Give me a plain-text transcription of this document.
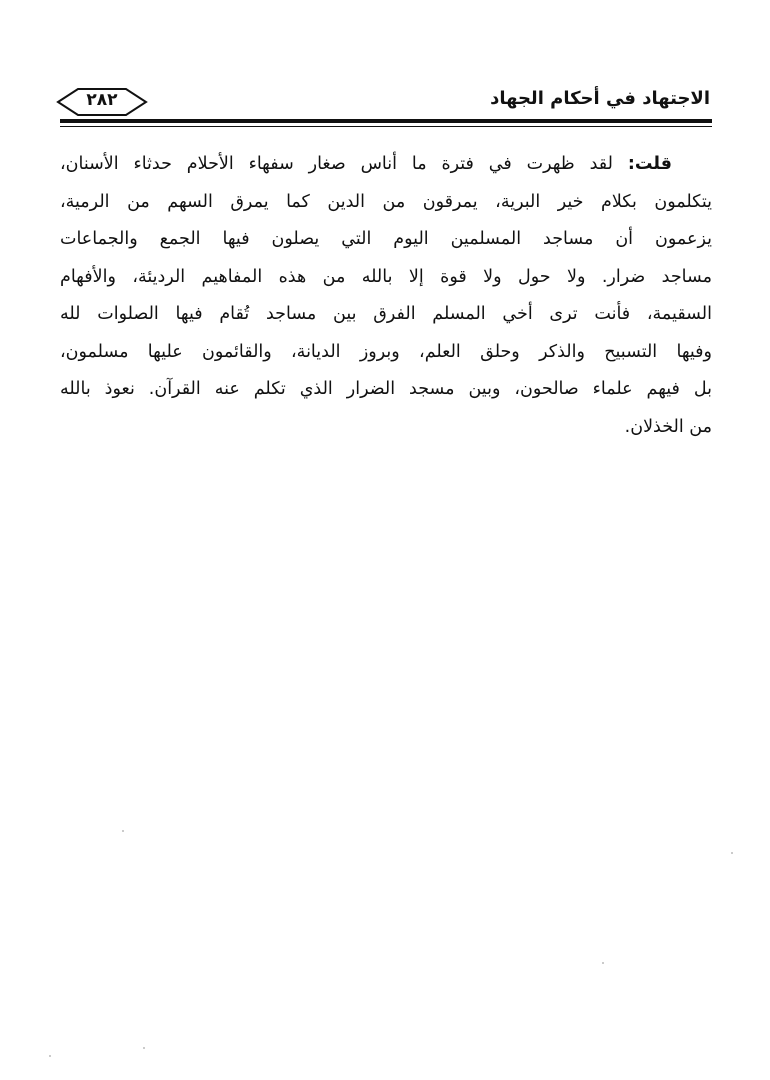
الاجتهاد في أحكام الجهاد
٢٨٢
قلت: لقد ظهرت في فترة ما أناس صغار سفهاء الأحلام حدثاء الأسنان،
يتكلمون بكلام خير البرية، يمرقون من الدين كما يمرق السهم من الرمية،
يزعمون أن مساجد المسلمين اليوم التي يصلون فيها الجمع والجماعات
مساجد ضرار. ولا حول ولا قوة إلا بالله من هذه المفاهيم الرديئة، والأفهام
السقيمة، فأنت ترى أخي المسلم الفرق بين مساجد تُقام فيها الصلوات لله
وفيها التسبيح والذكر وحلق العلم، وبروز الديانة، والقائمون عليها مسلمون،
بل فيهم علماء صالحون، وبين مسجد الضرار الذي تكلم عنه القرآن. نعوذ بالله
من الخذلان.
